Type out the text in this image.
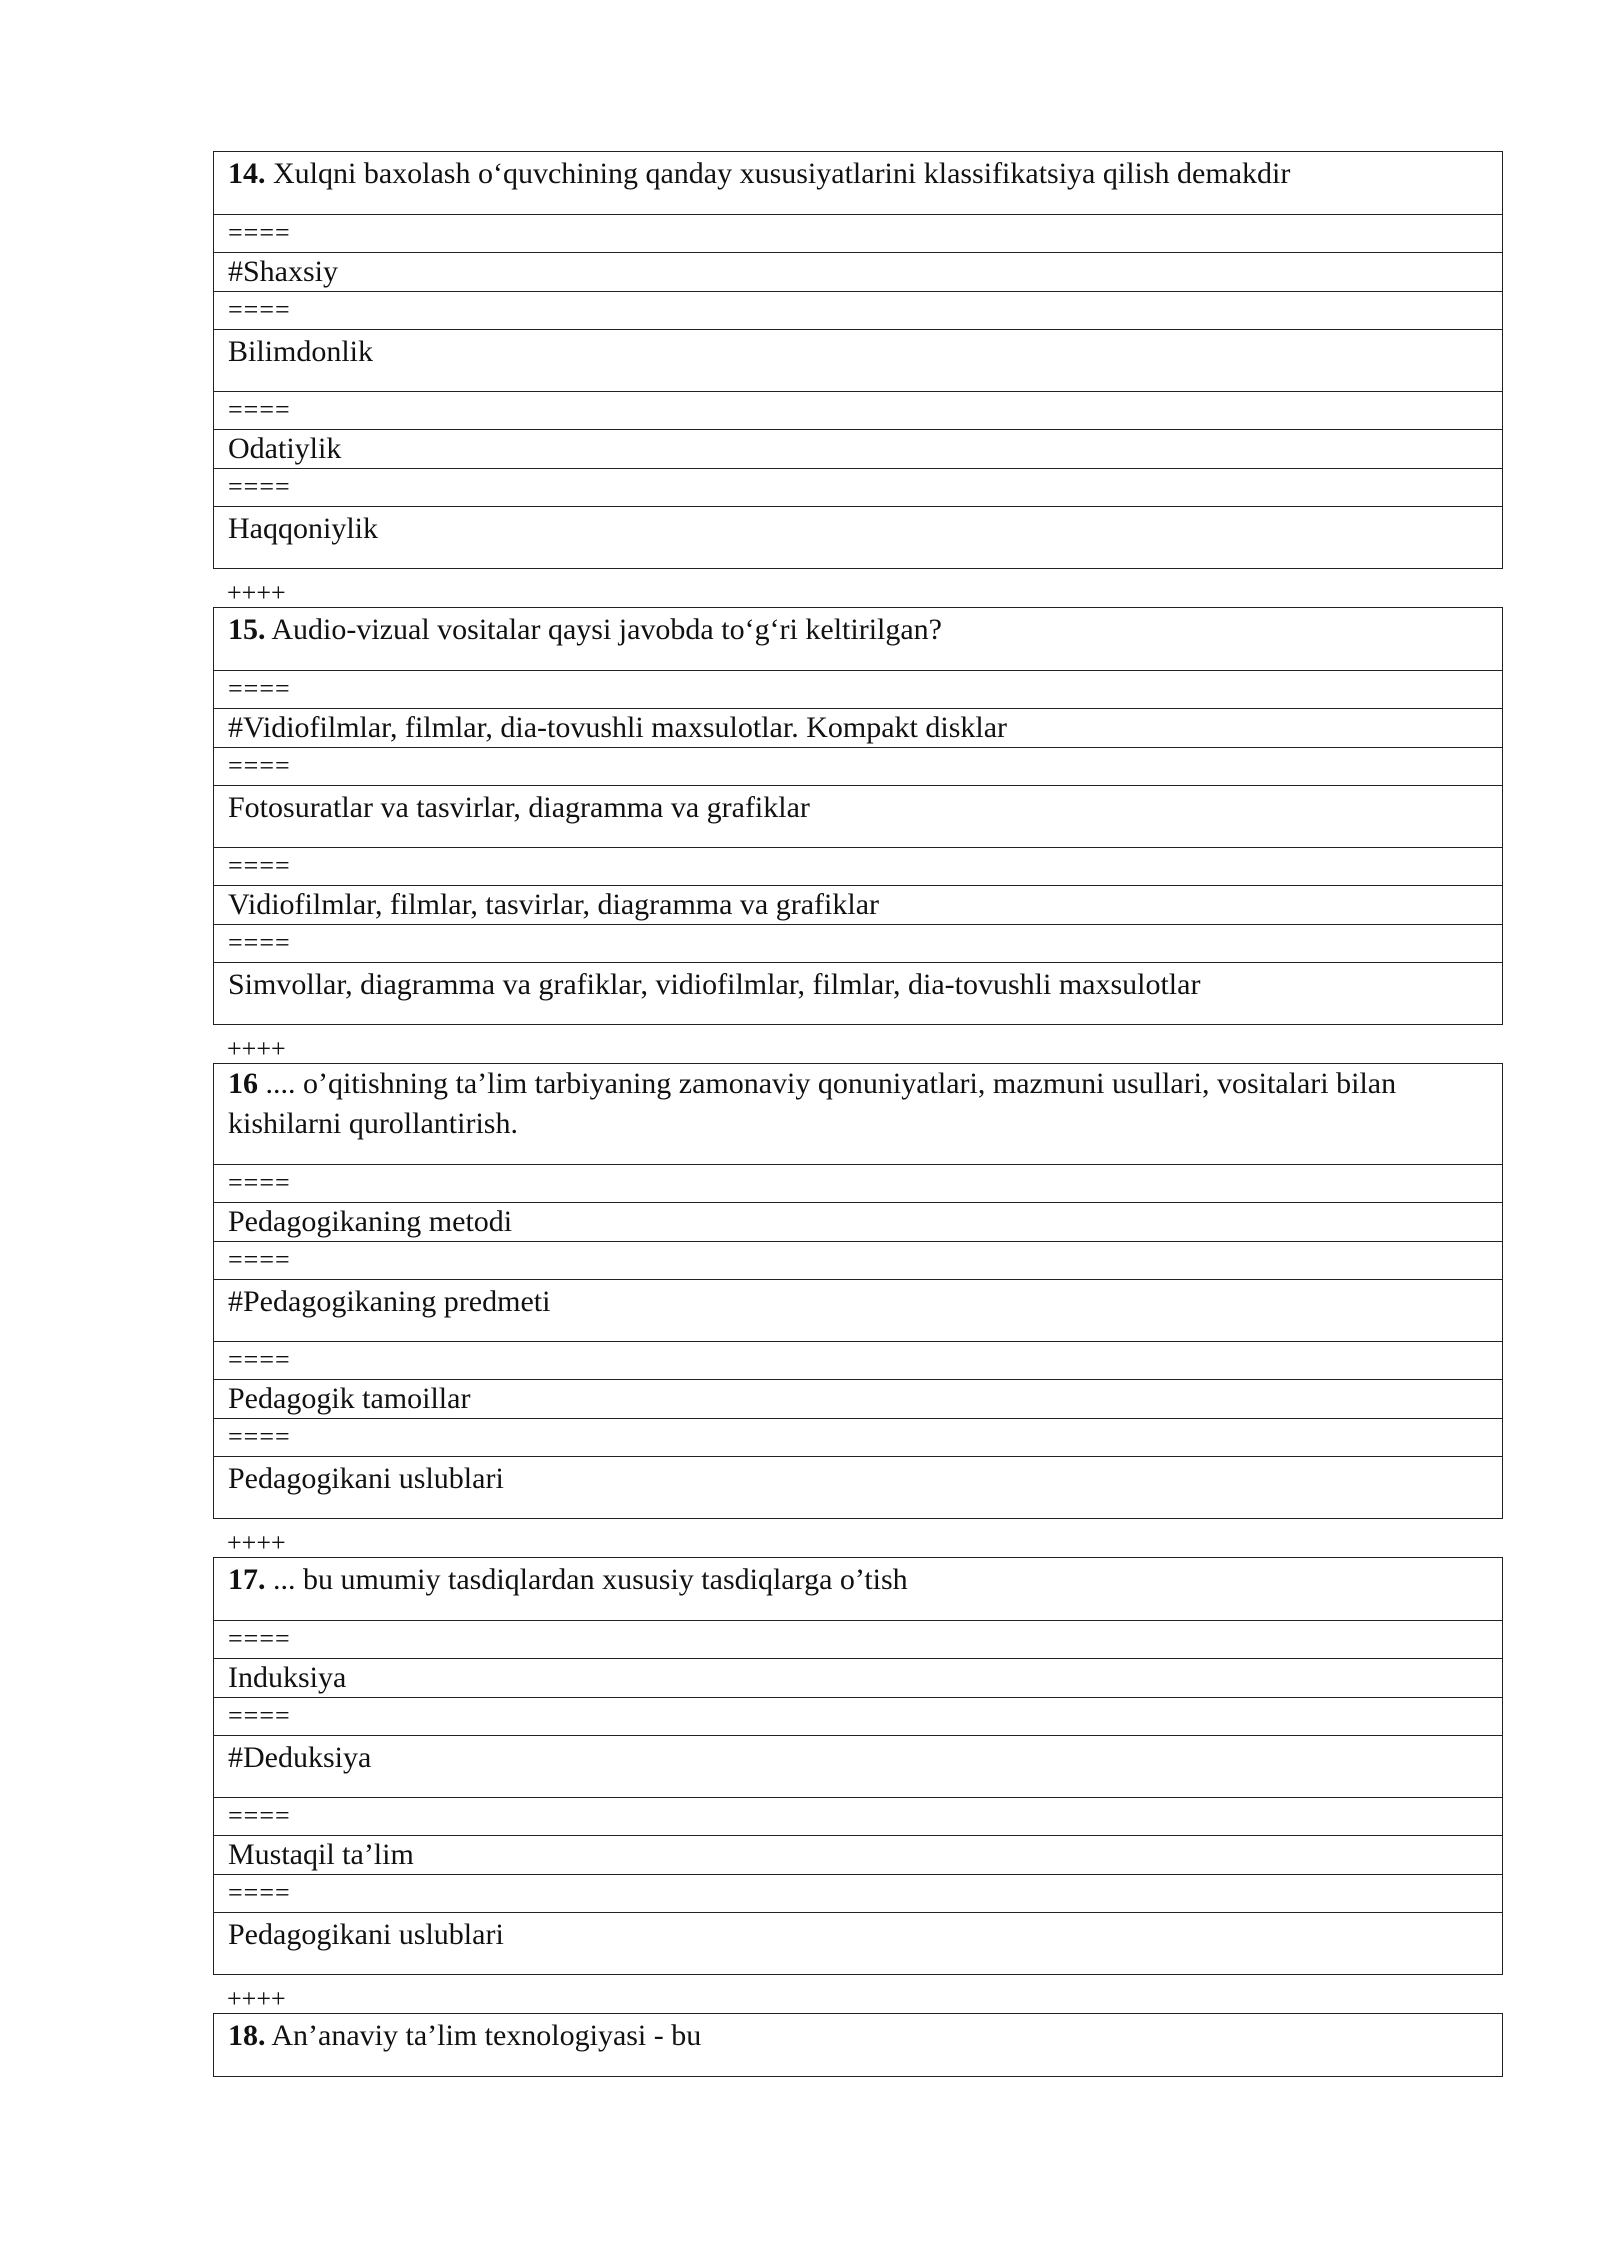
14. Xulqni baxolash o‘quvchining qanday xususiyatlarini klassifikatsiya qilish demakdir
====
#Shaxsiy
====
Bilimdonlik
====
Odatiylik
====
Haqqoniylik
++++
15. Audio-vizual vositalar qaysi javobda to‘g‘ri keltirilgan?
====
#Vidiofilmlar, filmlar, dia-tovushli maxsulotlar. Kompakt disklar
====
Fotosuratlar va tasvirlar, diagramma va grafiklar
====
Vidiofilmlar, filmlar, tasvirlar, diagramma va grafiklar
====
Simvollar, diagramma va grafiklar, vidiofilmlar, filmlar, dia-tovushli maxsulotlar
++++
16 .... o’qitishning ta’lim tarbiyaning zamonaviy qonuniyatlari, mazmuni usullari, vositalari bilan kishilarni qurollantirish.
====
Pedagogikaning metodi
====
#Pedagogikaning predmeti
====
Pedagogik tamoillar
====
Pedagogikani uslublari
++++
17. ... bu umumiy tasdiqlardan xususiy tasdiqlarga o’tish
====
Induksiya
====
#Deduksiya
====
Mustaqil ta’lim
====
Pedagogikani uslublari
++++
18. An’anaviy ta’lim texnologiyasi - bu
